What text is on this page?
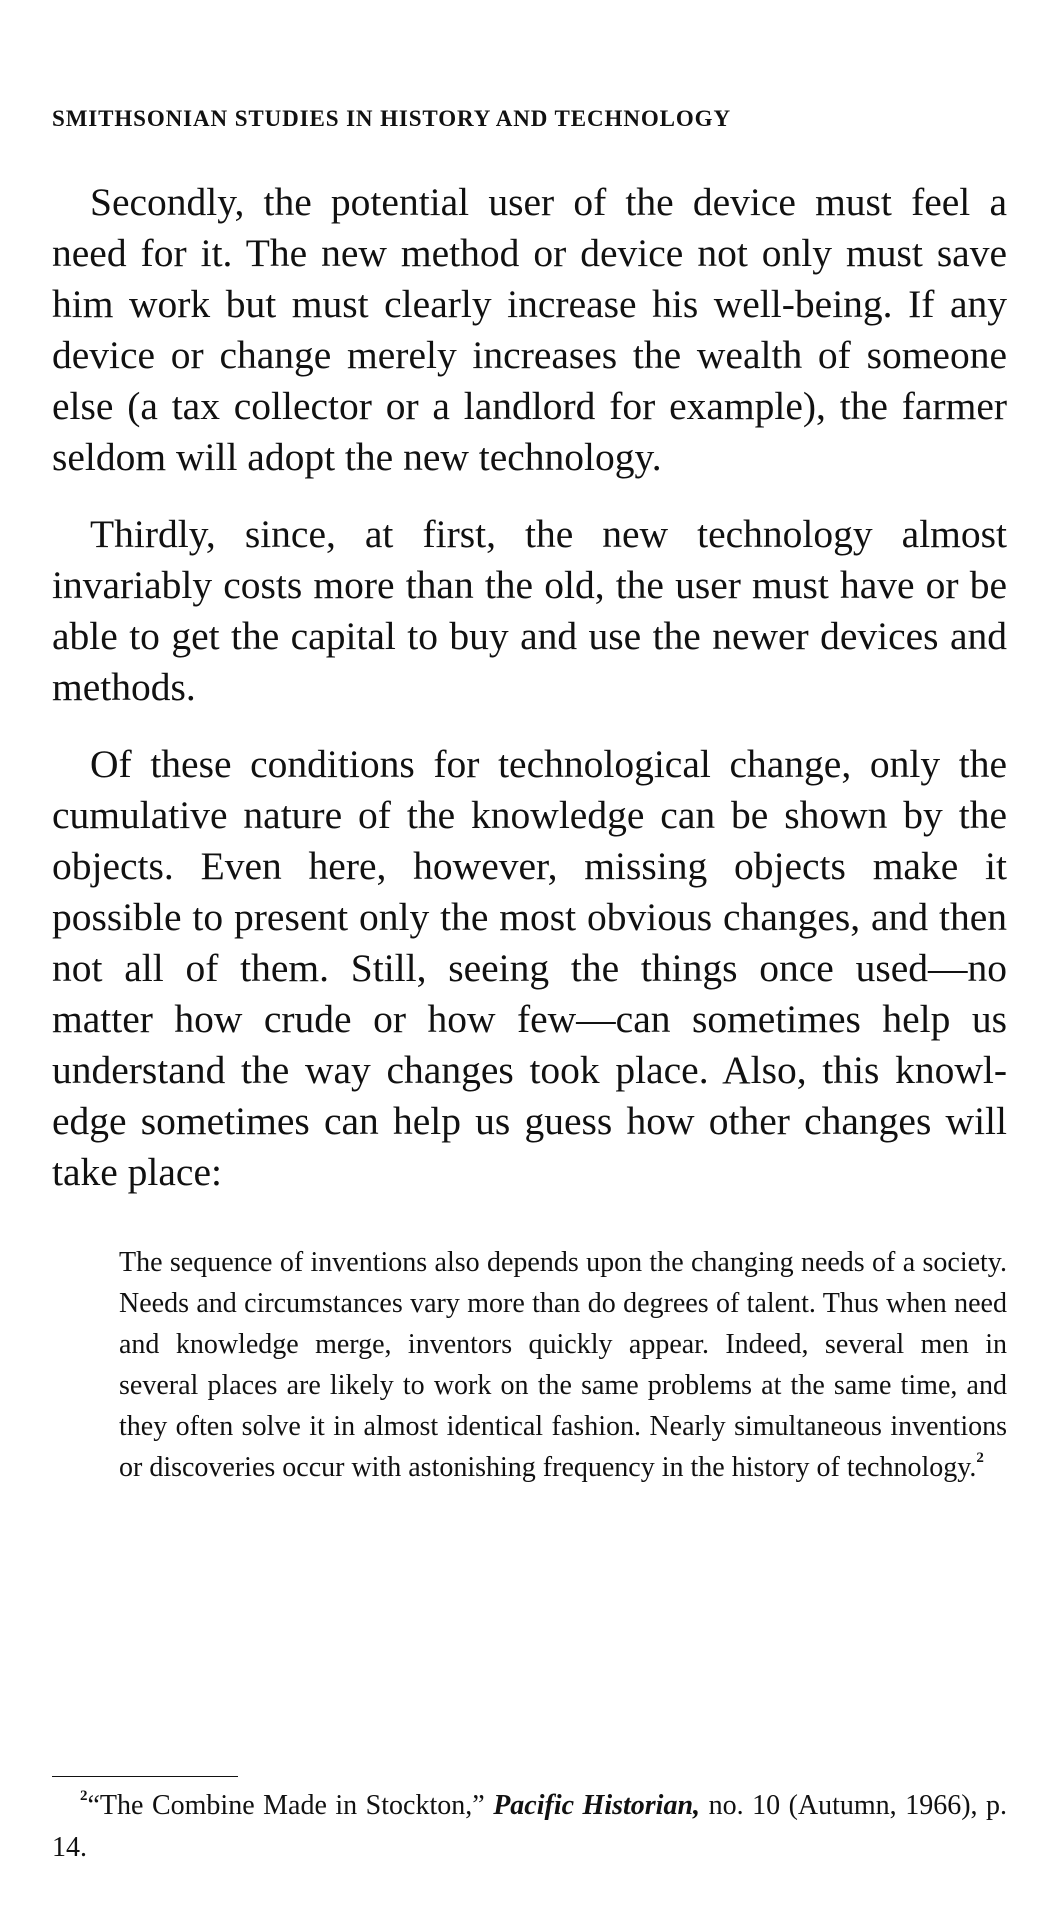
SMITHSONIAN STUDIES IN HISTORY AND TECHNOLOGY

Secondly, the potential user of the device must feel a need for it. The new method or device not only must save him work but must clearly increase his well-being. If any device or change merely increases the wealth of someone else (a tax collector or a landlord for example), the farmer seldom will adopt the new technology.

Thirdly, since, at first, the new technology almost invariably costs more than the old, the user must have or be able to get the capital to buy and use the newer devices and methods.

Of these conditions for technological change, only the cumulative nature of the knowledge can be shown by the objects. Even here, however, missing objects make it possible to present only the most obvious changes, and then not all of them. Still, seeing the things once used—no matter how crude or how few—can sometimes help us understand the way changes took place. Also, this knowledge sometimes can help us guess how other changes will take place:

The sequence of inventions also depends upon the changing needs of a society. Needs and circumstances vary more than do degrees of talent. Thus when need and knowledge merge, inventors quickly appear. Indeed, several men in several places are likely to work on the same problems at the same time, and they often solve it in almost identical fashion. Nearly simultaneous inventions or discoveries occur with astonishing frequency in the history of technology.$^2$
$^2$“The Combine Made in Stockton,” Pacific Historian, no. 10 (Autumn, 1966), p. 14.
